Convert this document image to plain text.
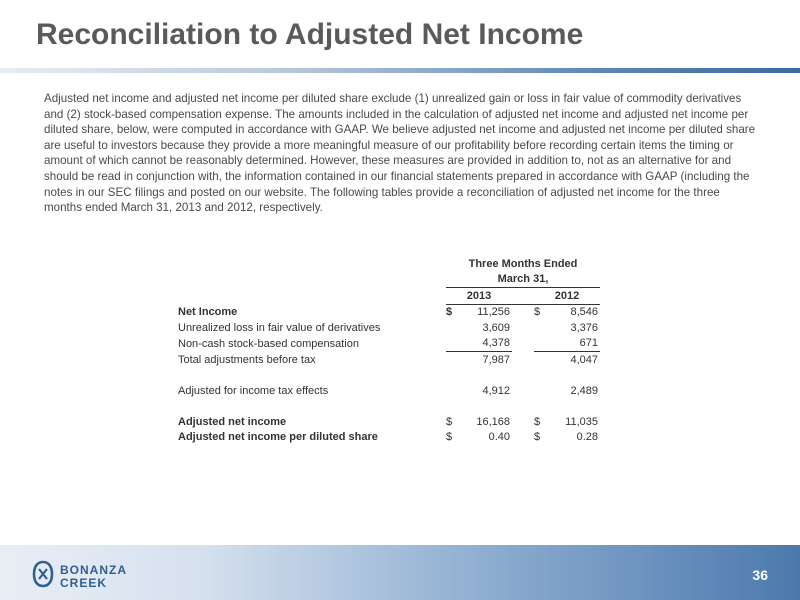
Reconciliation to Adjusted Net Income
Adjusted net income and adjusted net income per diluted share exclude (1) unrealized gain or loss in fair value of commodity derivatives and (2) stock-based compensation expense. The amounts included in the calculation of adjusted net income and adjusted net income per diluted share, below, were computed in accordance with GAAP. We believe adjusted net income and adjusted net income per diluted share are useful to investors because they provide a more meaningful measure of our profitability before recording certain items the timing or amount of which cannot be reasonably determined. However, these measures are provided in addition to, not as an alternative for and should be read in conjunction with, the information contained in our financial statements prepared in accordance with GAAP (including the notes in our SEC filings and posted on our website. The following tables provide a reconciliation of adjusted net income for the three months ended March 31, 2013 and 2012, respectively.
	Three Months Ended				
	March 31,				
	2013			2012	
Net Income	$	11,256		$	8,546
Unrealized loss in fair value of derivatives		3,609			3,376
Non-cash stock-based compensation		4,378			671
Total adjustments before tax		7,987			4,047

Adjusted for income tax effects		4,912			2,489

Adjusted net income	$	16,168		$	11,035
Adjusted net income per diluted share	$	0.40		$	0.28
BONANZA
CREEK	36
